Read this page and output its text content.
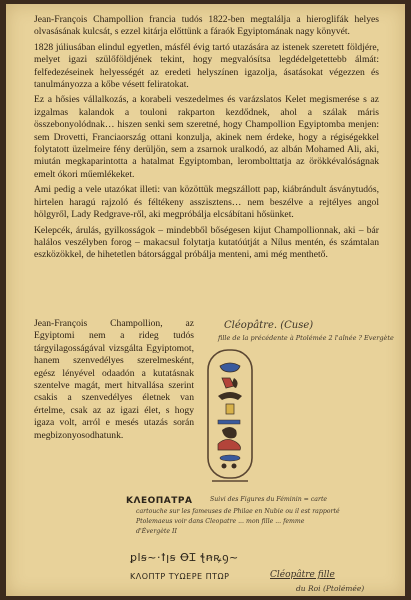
Jean-François Champollion francia tudós 1822-ben megtalálja a hieroglifák helyes olvasásának kulcsát, s ezzel kitárja előttünk a fáraók Egyiptomának nagy könyvét.

1828 júliusában elindul egyetlen, másfél évig tartó utazására az istenek szeretett földjére, melyet igazi szülőföldjének tekint, hogy megvalósítsa legdédelgetettebb álmát: felfedezéseinek helyességét az eredeti helyszínen igazolja, ásatásokat végezzen és tanulmányozza a kőbe vésett feliratokat.

Ez a hősies vállalkozás, a korabeli veszedelmes és varázslatos Kelet megismerése s az izgalmas kalandok a touloni rakparton kezdődnek, ahol a szálak máris összebonyolódnak… hiszen senki sem szeretné, hogy Champollion Egyiptomba menjen: sem Drovetti, Franciaország ottani konzulja, akinek nem érdeke, hogy a régiségekkel folytatott üzelmeire fény derüljön, sem a zsarnok uralkodó, az albán Mohamed Ali, aki, miután megkaparintotta a hatalmat Egyiptomban, lerombolttatja az örökkévalóságnak emelt ókori műemlékeket.

Ami pedig a vele utazókat illeti: van közöttük megszállott pap, kiábrándult ásványtudós, hirtelen haragú rajzoló és féltékeny asszisztens… nem beszélve a rejtélyes angol hölgyről, Lady Redgrave-ről, aki megpróbálja elcsábítani hősünket.

Kelepcék, árulás, gyilkosságok – mindebből bőségesen kijut Champollionnak, aki – bár halálos veszélyben forog – makacsul folytatja kutatóútját a Nílus mentén, és számtalan eszközökkel, de hihetetlen bátorsággal próbálja menteni, ami még menthető.

Jean-François Champollion, az Egyiptomi nem a rideg tudós tárgyilagosságával vizsgálta Egyiptomot, hanem szenvedélyes szerelmesként, egész lényével odaadón a kutatásnak szentelve magát, mert hitvallása szerint csakis a szenvedélyes életnek van értelme, csak az az igazi élet, s hogy igaza volt, arról e mesés utazás során megbizonyosodhatunk.

Cléopâtre. (Cuse)
fille de la précédente à Ptolémée 2 l'aînée ? Evergète
ΚΛΕΟΠΑΤΡΑ	Suivi des Figures du Féminin = carte
cartouche sur les fameuses de Philae en Nubie ou il est rapporté
Ptolemaeus voir dans Cleopatre ... mon fille ... femme
d'Évergète II
ꝑlꞩ~·ꝉꞁꞩ ꝊꞮ ꞎꞥꝶꝯ~
ΚΛΟΠΤΡ ΤΥΩΕΡΕ ΠΤΩΡ	Cléopâtre fille
du Roi (Ptolémée)
